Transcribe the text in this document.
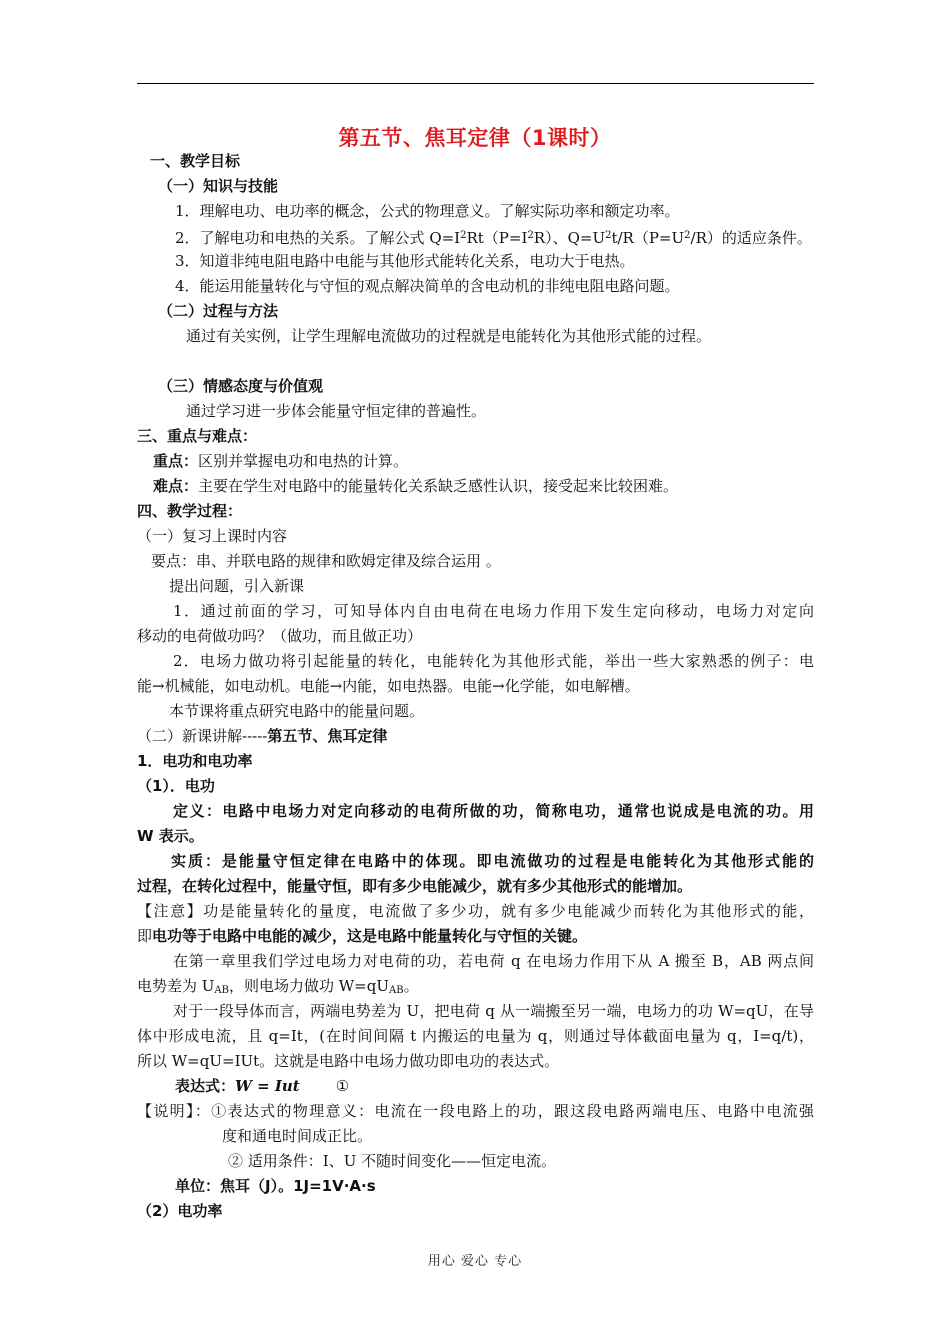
第五节、焦耳定律（1课时）
一、教学目标
（一）知识与技能
1．理解电功、电功率的概念，公式的物理意义。了解实际功率和额定功率。
2．了解电功和电热的关系。了解公式 $Q=I^2Rt(P=I^2R)$、$Q=U^2t/R(P=U^2/R)$的适应条件。
3．知道非纯电阻电路中电能与其他形式能转化关系，电功大于电热。
4．能运用能量转化与守恒的观点解决简单的含电动机的非纯电阻电路问题。
（二）过程与方法
通过有关实例，让学生理解电流做功的过程就是电能转化为其他形式能的过程。
（三）情感态度与价值观
通过学习进一步体会能量守恒定律的普遍性。
三、重点与难点：
重点：区别并掌握电功和电热的计算。
难点：主要在学生对电路中的能量转化关系缺乏感性认识，接受起来比较困难。
四、教学过程：
（一）复习上课时内容
要点：串、并联电路的规律和欧姆定律及综合运用 。
提出问题，引入新课
1．通过前面的学习，可知导体内自由电荷在电场力作用下发生定向移动，电场力对定向
移动的电荷做功吗？（做功，而且做正功）
2．电场力做功将引起能量的转化，电能转化为其他形式能，举出一些大家熟悉的例子：电
能→机械能，如电动机。电能→内能，如电热器。电能→化学能，如电解槽。
本节课将重点研究电路中的能量问题。
（二）新课讲解-----第五节、焦耳定律
1．电功和电功率
（1）．电功
定义：电路中电场力对定向移动的电荷所做的功，简称电功，通常也说成是电流的功。用
W 表示。
实质：是能量守恒定律在电路中的体现。即电流做功的过程是电能转化为其他形式能的
过程，在转化过程中，能量守恒，即有多少电能减少，就有多少其他形式的能增加。
【注意】功是能量转化的量度，电流做了多少功，就有多少电能减少而转化为其他形式的能，
即电功等于电路中电能的减少，这是电路中能量转化与守恒的关键。
在第一章里我们学过电场力对电荷的功，若电荷 q 在电场力作用下从 A 搬至 B，AB 两点间
电势差为 $U_{AB}$，则电场力做功 $W=qU_{AB}$。
对于一段导体而言，两端电势差为 U，把电荷 q 从一端搬至另一端，电场力的功 W=qU，在导
体中形成电流，且 q=It，(在时间间隔 t 内搬运的电量为 q，则通过导体截面电量为 q，I=q/t)，
所以 W=qU=IUt。这就是电路中电场力做功即电功的表达式。
表达式：W = Iut ①
【说明】：①表达式的物理意义：电流在一段电路上的功，跟这段电路两端电压、电路中电流强
度和通电时间成正比。
② 适用条件：I、U 不随时间变化——恒定电流。
单位：焦耳（J）。1J=1V·A·s
（2）电功率
用心 爱心 专心
